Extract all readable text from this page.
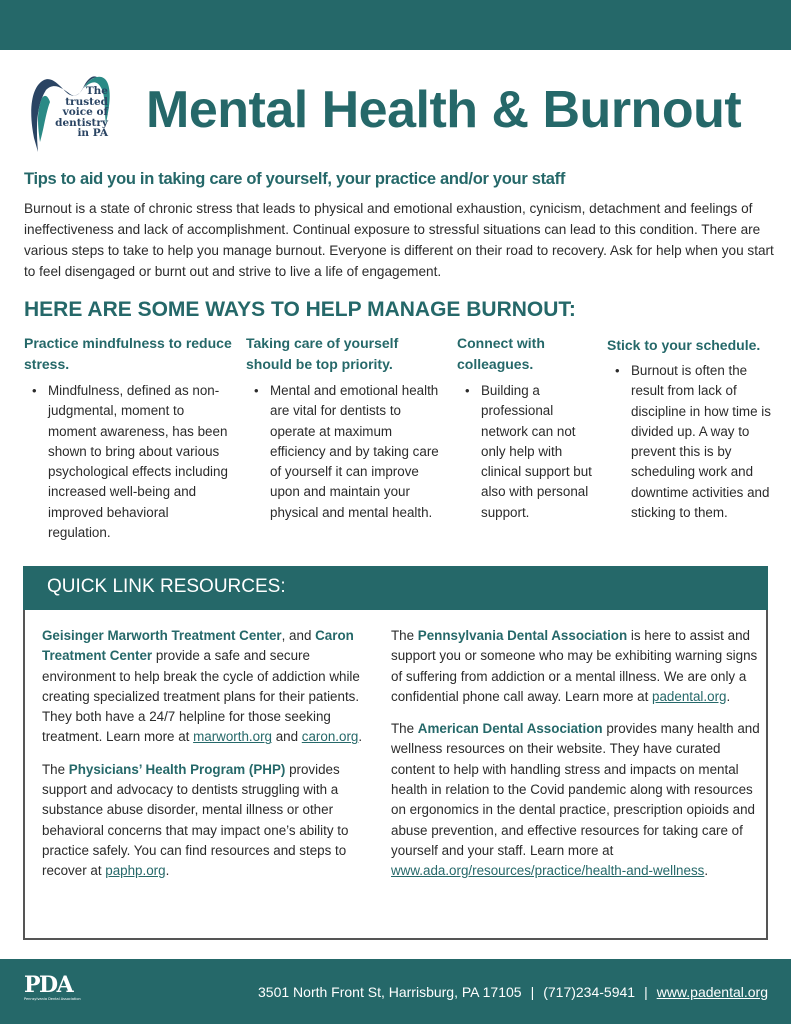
The
trusted
voice of
dentistry
in PA Mental Health & Burnout
Tips to aid you in taking care of yourself, your practice and/or your staff

Burnout is a state of chronic stress that leads to physical and emotional exhaustion, cynicism, detachment and feelings of ineffectiveness and lack of accomplishment. Continual exposure to stressful situations can lead to this condition. There are various steps to take to help you manage burnout. Everyone is different on their road to recovery. Ask for help when you start to feel disengaged or burnt out and strive to live a life of engagement.

HERE ARE SOME WAYS TO HELP MANAGE BURNOUT:
Practice mindfulness to reduce stress.
• Mindfulness, defined as non-judgmental, moment to moment awareness, has been shown to bring about various psychological effects including increased well-being and improved behavioral regulation.
Taking care of yourself should be top priority.
• Mental and emotional health are vital for dentists to operate at maximum efficiency and by taking care of yourself it can improve upon and maintain your physical and mental health.
Connect with colleagues.
• Building a professional network can not only help with clinical support but also with personal support.
Stick to your schedule.
• Burnout is often the result from lack of discipline in how time is divided up. A way to prevent this is by scheduling work and downtime activities and sticking to them.
QUICK LINK RESOURCES:

Geisinger Marworth Treatment Center, and Caron Treatment Center provide a safe and secure environment to help break the cycle of addiction while creating specialized treatment plans for their patients. They both have a 24/7 helpline for those seeking treatment. Learn more at marworth.org and caron.org.

The Physicians’ Health Program (PHP) provides support and advocacy to dentists struggling with a substance abuse disorder, mental illness or other behavioral concerns that may impact one’s ability to practice safely. You can find resources and steps to recover at paphp.org.

The Pennsylvania Dental Association is here to assist and support you or someone who may be exhibiting warning signs of suffering from addiction or a mental illness. We are only a confidential phone call away. Learn more at padental.org.

The American Dental Association provides many health and wellness resources on their website. They have curated content to help with handling stress and impacts on mental health in relation to the Covid pandemic along with resources on ergonomics in the dental practice, prescription opioids and abuse prevention, and effective resources for taking care of yourself and your staff. Learn more at www.ada.org/resources/practice/health-and-wellness.

PDA
Pennsylvania Dental Association	3501 North Front St, Harrisburg, PA 17105 | (717)234-5941 | www.padental.org
